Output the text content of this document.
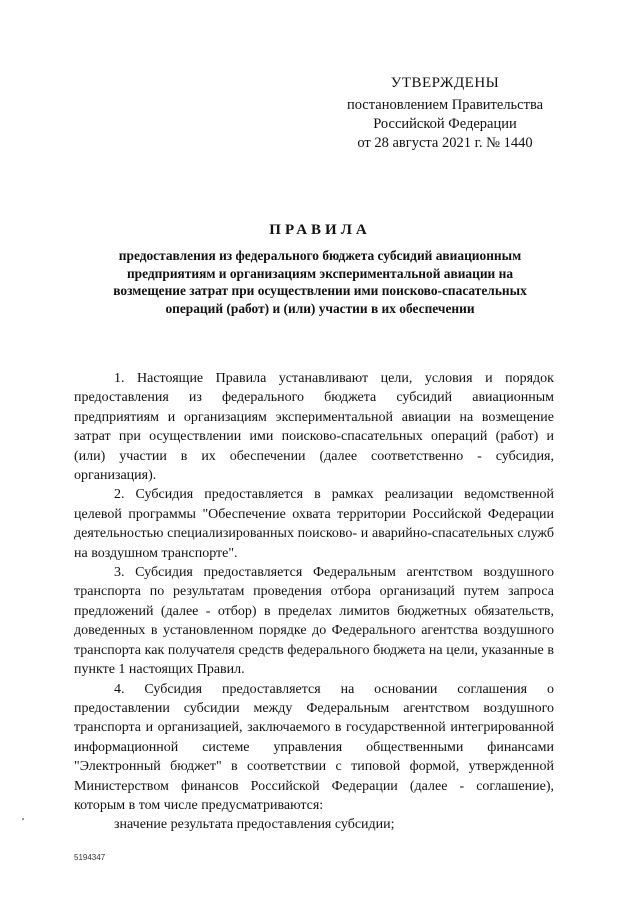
УТВЕРЖДЕНЫ
постановлением Правительства
Российской Федерации
от 28 августа 2021 г. № 1440
ПРАВИЛА
предоставления из федерального бюджета субсидий авиационным предприятиям и организациям экспериментальной авиации на возмещение затрат при осуществлении ими поисково-спасательных операций (работ) и (или) участии в их обеспечении

1. Настоящие Правила устанавливают цели, условия и порядок предоставления из федерального бюджета субсидий авиационным предприятиям и организациям экспериментальной авиации на возмещение затрат при осуществлении ими поисково-спасательных операций (работ) и (или) участии в их обеспечении (далее соответственно - субсидия, организация).

2. Субсидия предоставляется в рамках реализации ведомственной целевой программы "Обеспечение охвата территории Российской Федерации деятельностью специализированных поисково- и аварийно-спасательных служб на воздушном транспорте".

3. Субсидия предоставляется Федеральным агентством воздушного транспорта по результатам проведения отбора организаций путем запроса предложений (далее - отбор) в пределах лимитов бюджетных обязательств, доведенных в установленном порядке до Федерального агентства воздушного транспорта как получателя средств федерального бюджета на цели, указанные в пункте 1 настоящих Правил.

4. Субсидия предоставляется на основании соглашения о предоставлении субсидии между Федеральным агентством воздушного транспорта и организацией, заключаемого в государственной интегрированной информационной системе управления общественными финансами "Электронный бюджет" в соответствии с типовой формой, утвержденной Министерством финансов Российской Федерации (далее - соглашение), которым в том числе предусматриваются:

значение результата предоставления субсидии;

5194347
